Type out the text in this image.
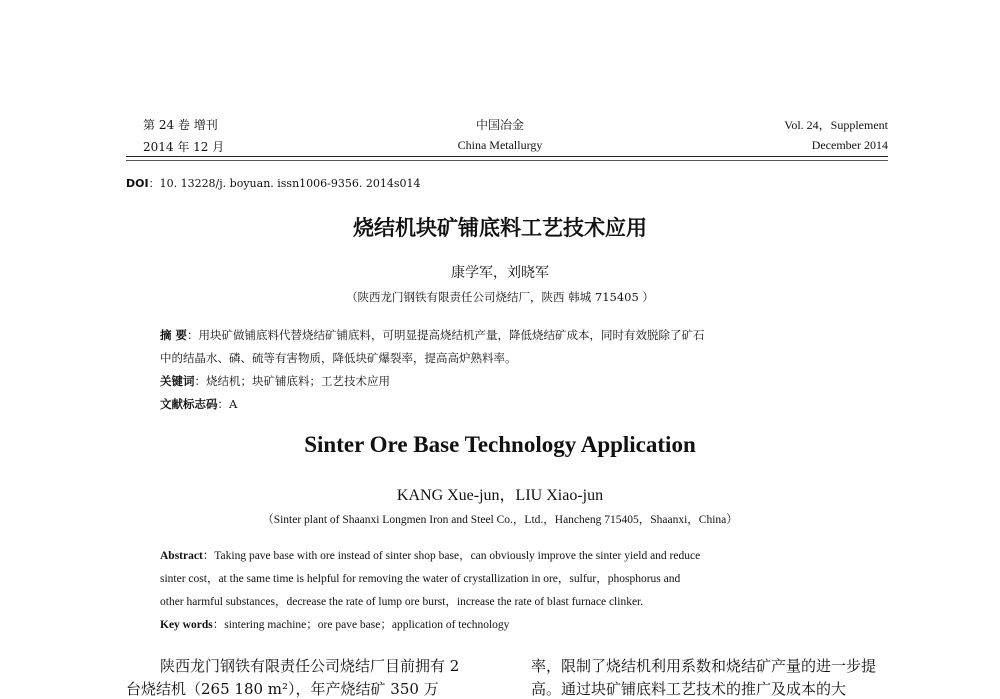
第 24 卷 增刊
2014 年 12 月
中国冶金
China Metallurgy
Vol. 24，Supplement
December 2014
DOI：10. 13228/j. boyuan. issn1006-9356. 2014s014
烧结机块矿铺底料工艺技术应用
康学军，刘晓军
（陕西龙门钢铁有限责任公司烧结厂，陕西 韩城 715405 ）
摘 要：用块矿做铺底料代替烧结矿铺底料，可明显提高烧结机产量，降低烧结矿成本，同时有效脱除了矿石
中的结晶水、磷、硫等有害物质，降低块矿爆裂率，提高高炉熟料率。
关键词：烧结机；块矿铺底料；工艺技术应用
文献标志码：A
Sinter Ore Base Technology Application
KANG Xue-jun，LIU Xiao-jun
（Sinter plant of Shaanxi Longmen Iron and Steel Co.，Ltd.，Hancheng 715405，Shaanxi，China）
Abstract：Taking pave base with ore instead of sinter shop base，can obviously improve the sinter yield and reduce
sinter cost，at the same time is helpful for removing the water of crystallization in ore，sulfur，phosphorus and
other harmful substances，decrease the rate of lump ore burst，increase the rate of blast furnace clinker.
Key words：sintering machine；ore pave base；application of technology
陕西龙门钢铁有限责任公司烧结厂目前拥有 2
台烧结机（265 180 m²），年产烧结矿 350 万
率，限制了烧结机利用系数和烧结矿产量的进一步提
高。通过块矿铺底料工艺技术的推广及成本的大
